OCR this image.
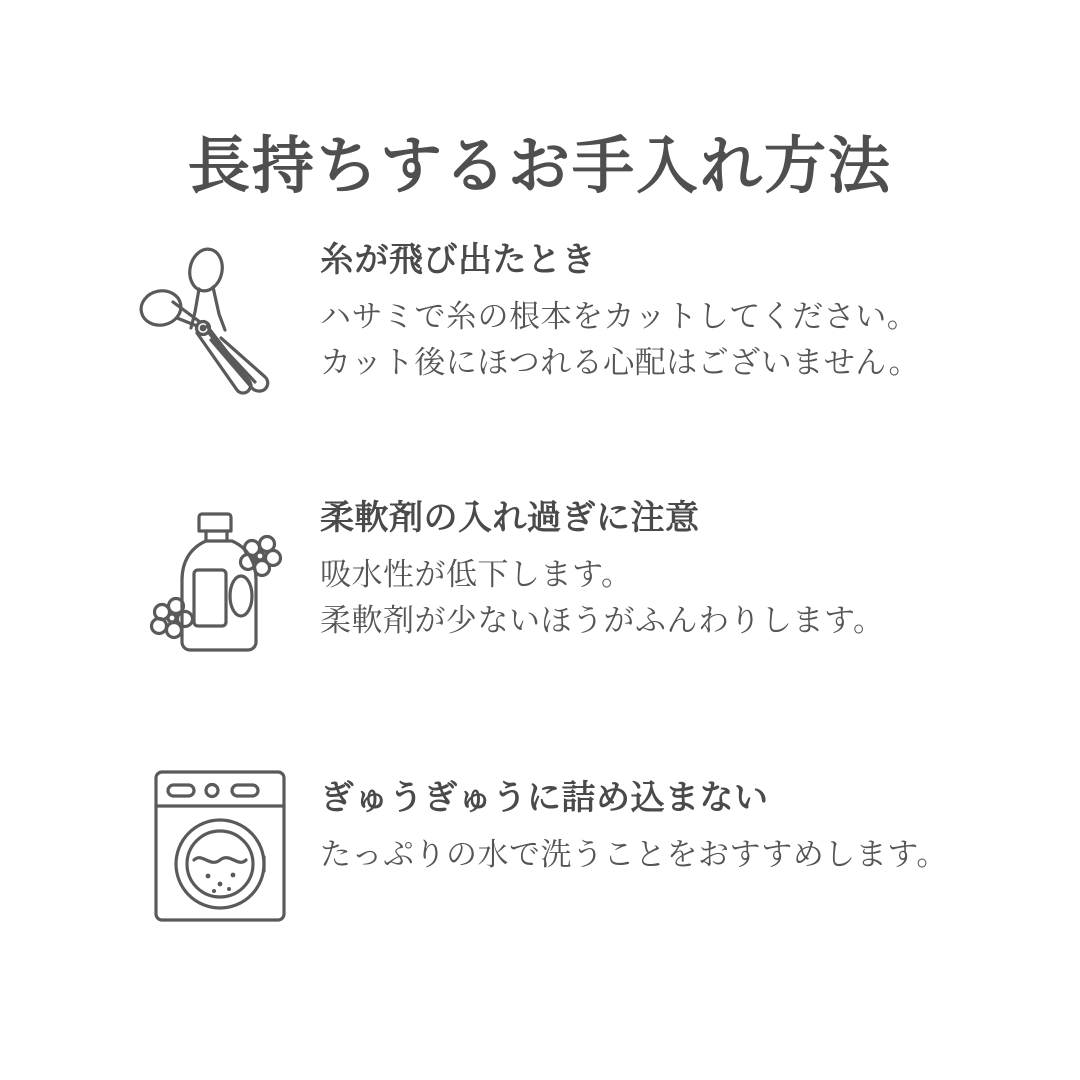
長持ちするお手入れ方法
糸が飛び出たとき
ハサミで糸の根本をカットしてください。
カット後にほつれる心配はございません。
柔軟剤の入れ過ぎに注意
吸水性が低下します。
柔軟剤が少ないほうがふんわりします。
ぎゅうぎゅうに詰め込まない
たっぷりの水で洗うことをおすすめします。
